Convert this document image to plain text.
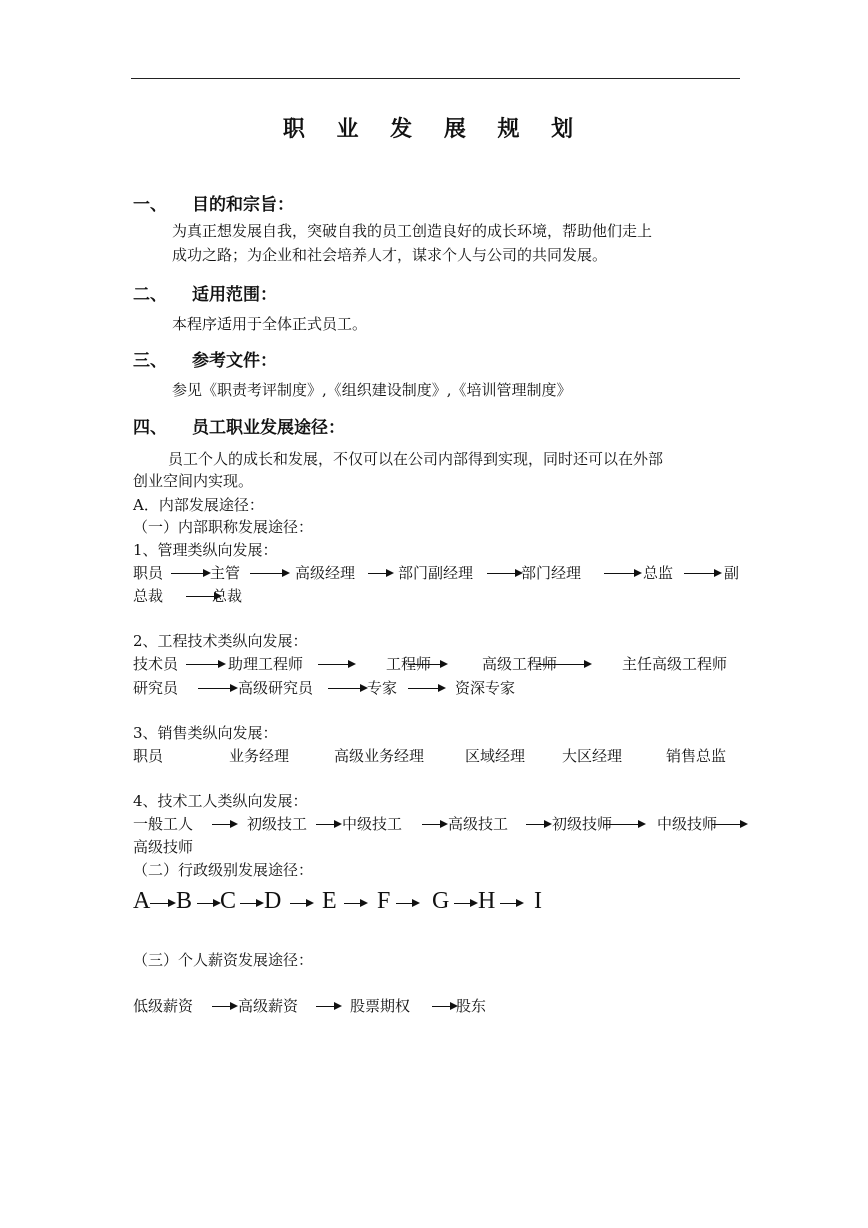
职 业 发 展 规 划
一、 目的和宗旨：
为真正想发展自我，突破自我的员工创造良好的成长环境，帮助他们走上
成功之路；为企业和社会培养人才，谋求个人与公司的共同发展。
二、 适用范围：
本程序适用于全体正式员工。
三、 参考文件：
参见《职责考评制度》,《组织建设制度》,《培训管理制度》
四、 员工职业发展途径：
员工个人的成长和发展，不仅可以在公司内部得到实现，同时还可以在外部
创业空间内实现。
A．内部发展途径：
（一）内部职称发展途径：
1、管理类纵向发展：
职员	主管	高级经理	部门副经理	部门经理	总监	副
总裁	总裁
2、工程技术类纵向发展：
技术员	助理工程师	工程师	高级工程师	主任高级工程师
研究员	高级研究员	专家	资深专家
3、销售类纵向发展：
职员	业务经理	高级业务经理	区域经理 大区经理	销售总监
4、技术工人类纵向发展：
一般工人	初级技工 中级技工	高级技工	初级技师	中级技师
高级技师
（二）行政级别发展途径：
A B C D E F G H I
（三）个人薪资发展途径：
低级薪资	高级薪资	股票期权	股东
